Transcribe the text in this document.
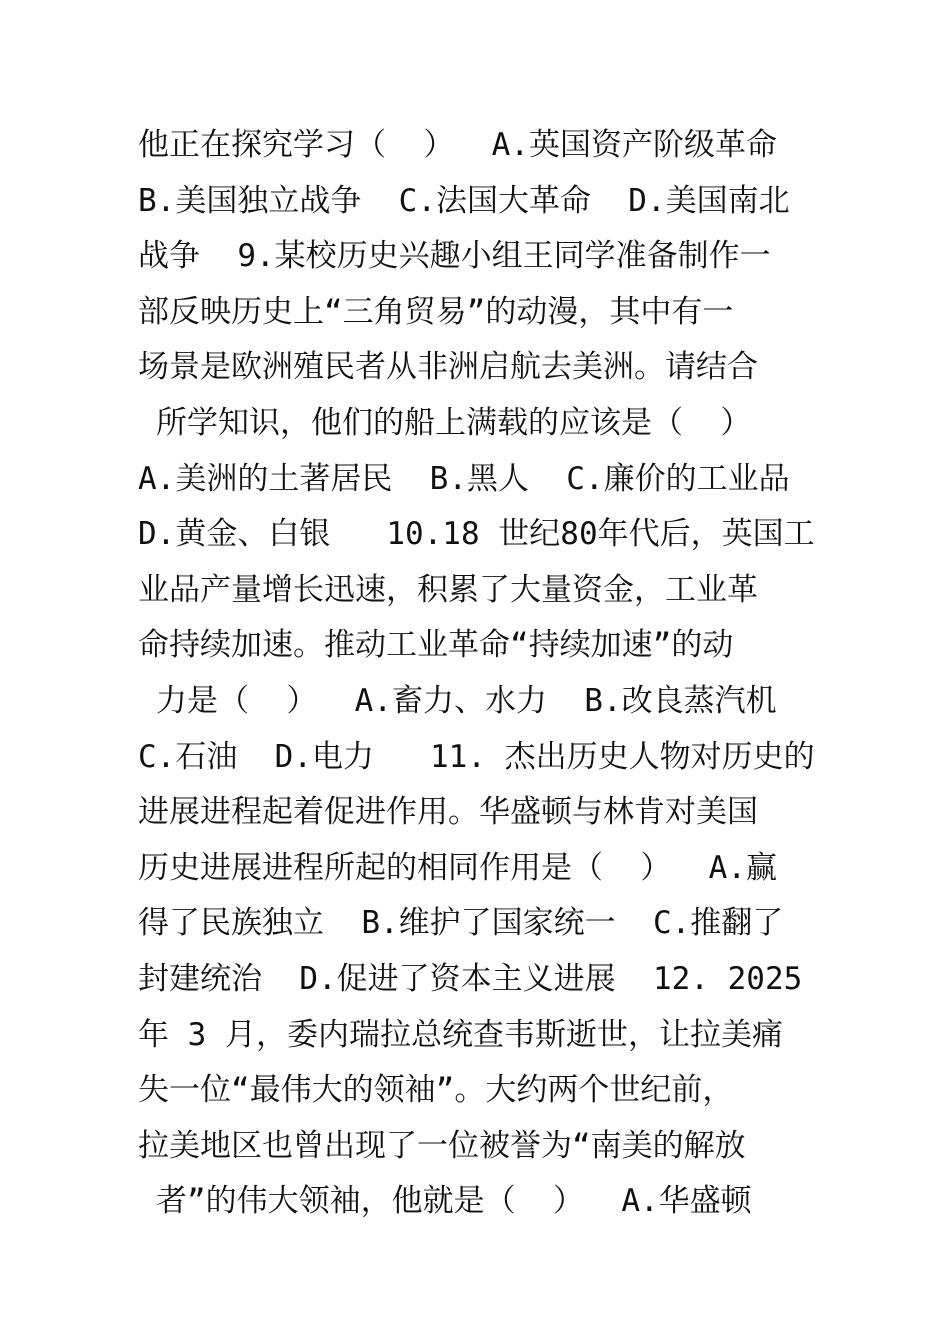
他正在探究学习（  ）  A.英国资产阶级革命
B.美国独立战争  C.法国大革命  D.美国南北
战争  9.某校历史兴趣小组王同学准备制作一
部反映历史上“三角贸易”的动漫，其中有一
场景是欧洲殖民者从非洲启航去美洲。请结合
所学知识，他们的船上满载的应该是（  ）
A.美洲的土著居民  B.黑人  C.廉价的工业品
D.黄金、白银   10.18 世纪80年代后，英国工
业品产量增长迅速，积累了大量资金，工业革
命持续加速。推动工业革命“持续加速”的动
力是（  ）  A.畜力、水力  B.改良蒸汽机
C.石油  D.电力   11. 杰出历史人物对历史的
进展进程起着促进作用。华盛顿与林肯对美国
历史进展进程所起的相同作用是（  ）  A.赢
得了民族独立  B.维护了国家统一  C.推翻了
封建统治  D.促进了资本主义进展  12. 2025
年 3 月，委内瑞拉总统查韦斯逝世，让拉美痛
失一位“最伟大的领袖”。大约两个世纪前，
拉美地区也曾出现了一位被誉为“南美的解放
者”的伟大领袖，他就是（  ）  A.华盛顿
